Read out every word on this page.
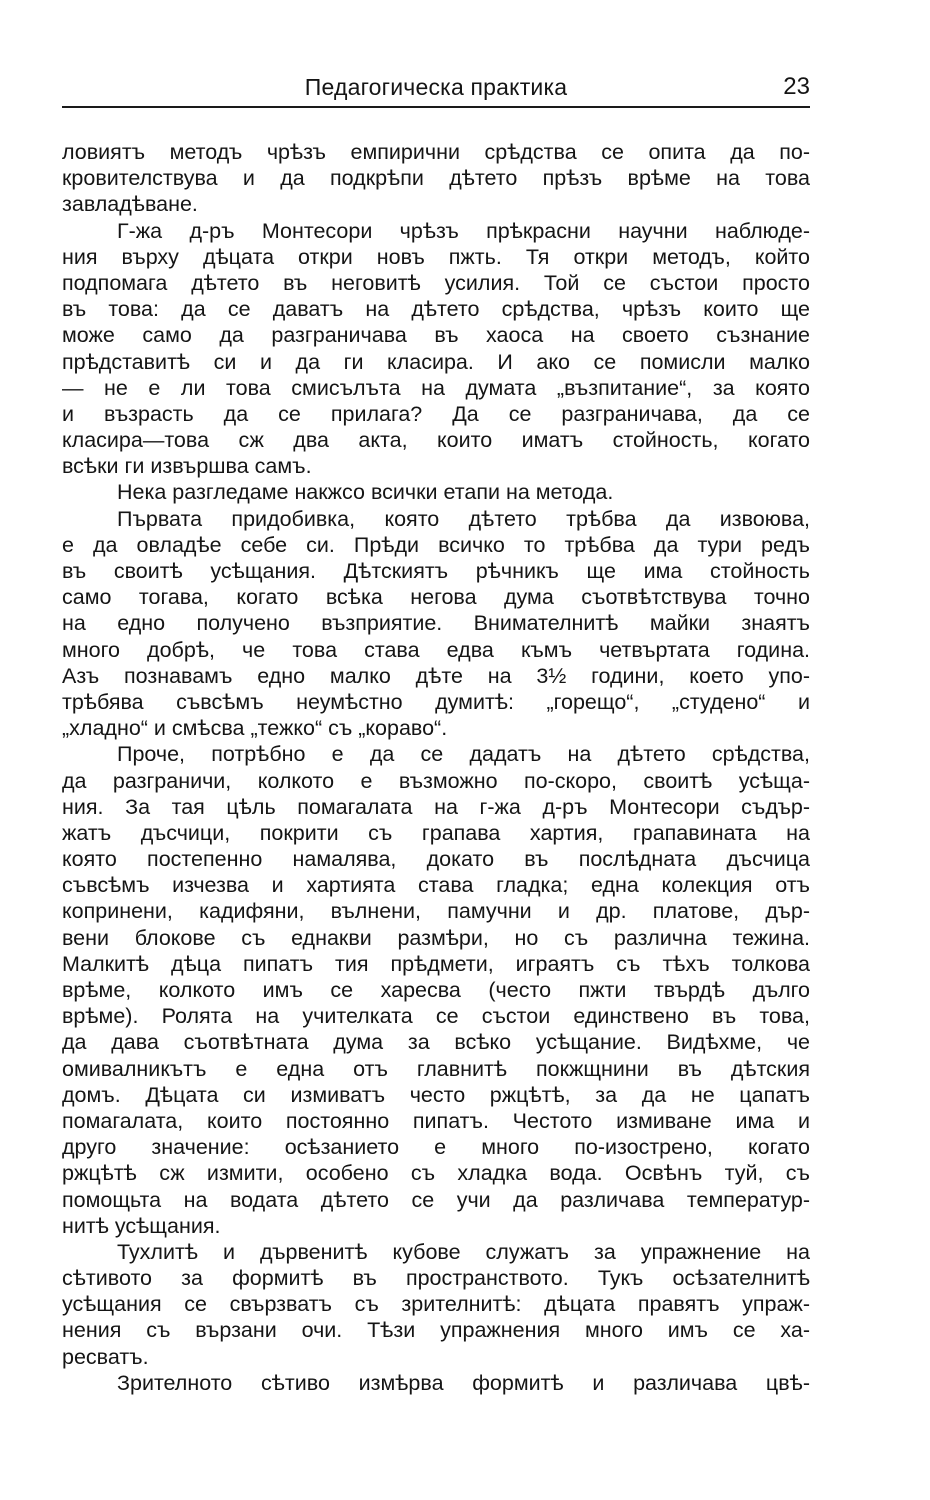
Педагогическа практика	23
ловиятъ методъ чрѣзъ емпирични срѣдства се опита да по-
кровителствува и да подкрѣпи дѣтето прѣзъ врѣме на това
завладѣване.
Г-жа д-ръ Монтесори чрѣзъ прѣкрасни научни наблюде-
ния върху дѣцата откри новъ пжть. Тя откри методъ, който
подпомага дѣтето въ неговитѣ усилия. Той се състои просто
въ това: да се даватъ на дѣтето срѣдства, чрѣзъ които ще
може само да разграничава въ хаоса на своето съзнание
прѣдставитѣ си и да ги класира. И ако се помисли малко
— не е ли това смисълъта на думата „възпитание“, за която
и възрасть да се прилага? Да се разграничава, да се
класира—това сж два акта, които иматъ стойность, когато
всѣки ги извършва самъ.
Нека разгледаме накжсо всички етапи на метода.
Първата придобивка, която дѣтето трѣбва да извоюва,
е да овладѣе себе си. Прѣди всичко то трѣбва да тури редъ
въ своитѣ усѣщания. Дѣтскиятъ рѣчникъ ще има стойность
само тогава, когато всѣка негова дума съотвѣтствува точно
на едно получено възприятие. Внимателнитѣ майки знаятъ
много добрѣ, че това става едва къмъ четвъртата година.
Азъ познавамъ едно малко дѣте на 3½ години, което упо-
трѣбява съвсѣмъ неумѣстно думитѣ: „горещо“, „студено“ и
„хладно“ и смѣсва „тежко“ съ „кораво“.
Проче, потрѣбно е да се дадатъ на дѣтето срѣдства,
да разграничи, колкото е възможно по-скоро, своитѣ усѣща-
ния. За тая цѣль помагалата на г-жа д-ръ Монтесори съдър-
жатъ дъсчици, покрити съ грапава хартия, грапавината на
която постепенно намалява, докато въ послѣдната дъсчица
съвсѣмъ изчезва и хартията става гладка; една колекция отъ
копринени, кадифяни, вълнени, памучни и др. платове, дър-
вени блокове съ еднакви размѣри, но съ различна тежина.
Малкитѣ дѣца пипатъ тия прѣдмети, играятъ съ тѣхъ толкова
врѣме, колкото имъ се харесва (често пжти твърдѣ дълго
врѣме). Ролята на учителката се състои единствено въ това,
да дава съотвѣтната дума за всѣко усѣщание. Видѣхме, че
омивалникътъ е една отъ главнитѣ покжщнини въ дѣтския
домъ. Дѣцата си измиватъ често ржцѣтѣ, за да не цапатъ
помагалата, които постоянно пипатъ. Честото измиване има и
друго значение: осѣзанието е много по-изострено, когато
ржцѣтѣ сж измити, особено съ хладка вода. Освѣнъ туй, съ
помощьта на водата дѣтето се учи да различава температур-
нитѣ усѣщания.
Тухлитѣ и дървенитѣ кубове служатъ за упражнение на
сѣтивото за формитѣ въ пространството. Тукъ осѣзателнитѣ
усѣщания се свързватъ съ зрителнитѣ: дѣцата правятъ упраж-
нения съ вързани очи. Тѣзи упражнения много имъ се ха-
ресватъ.
Зрителното сѣтиво измѣрва формитѣ и различава цвѣ-
